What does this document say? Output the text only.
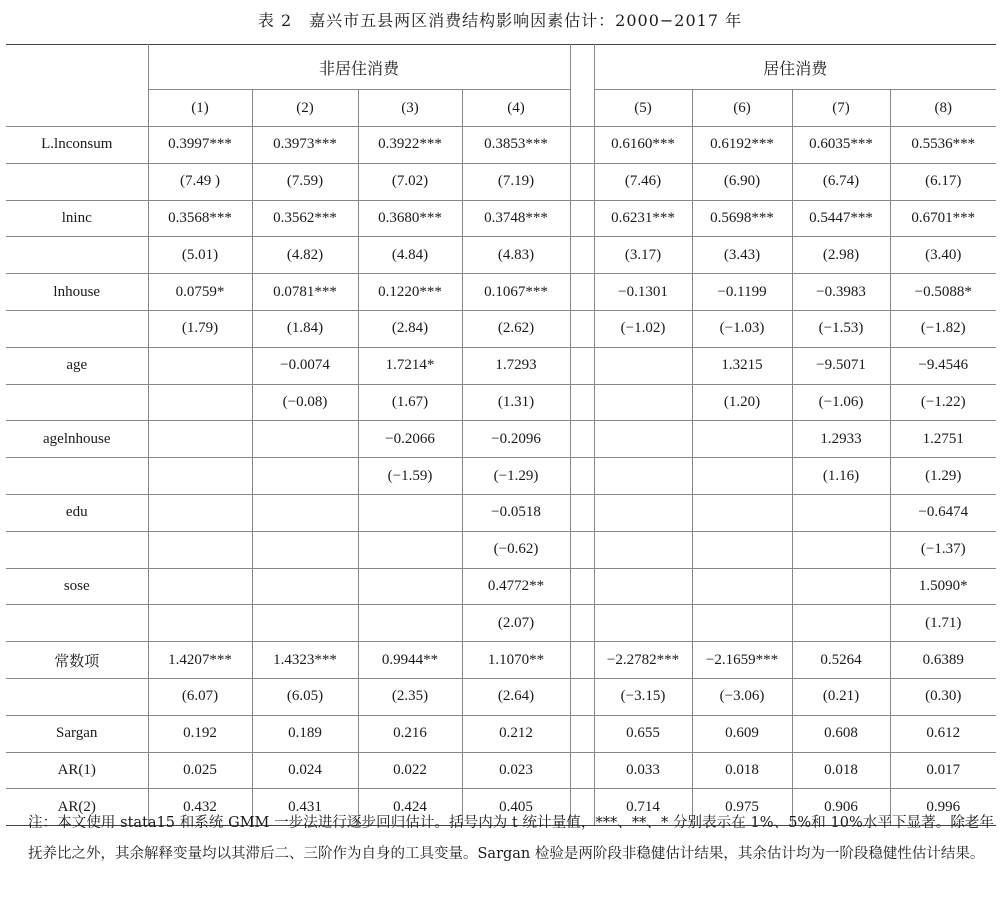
表 2　嘉兴市五县两区消费结构影响因素估计：2000−2017 年
	非居住消费					居住消费			
	(1)	(2)	(3)	(4)		(5)	(6)	(7)	(8)
L.lnconsum	0.3997***	0.3973***	0.3922***	0.3853***		0.6160***	0.6192***	0.6035***	0.5536***
	(7.49 )	(7.59)	(7.02)	(7.19)		(7.46)	(6.90)	(6.74)	(6.17)
lninc	0.3568***	0.3562***	0.3680***	0.3748***		0.6231***	0.5698***	0.5447***	0.6701***
	(5.01)	(4.82)	(4.84)	(4.83)		(3.17)	(3.43)	(2.98)	(3.40)
lnhouse	0.0759*	0.0781***	0.1220***	0.1067***		−0.1301	−0.1199	−0.3983	−0.5088*
	(1.79)	(1.84)	(2.84)	(2.62)		(−1.02)	(−1.03)	(−1.53)	(−1.82)
age		−0.0074	1.7214*	1.7293			1.3215	−9.5071	−9.4546
		(−0.08)	(1.67)	(1.31)			(1.20)	(−1.06)	(−1.22)
agelnhouse			−0.2066	−0.2096				1.2933	1.2751
			(−1.59)	(−1.29)				(1.16)	(1.29)
edu				−0.0518					−0.6474
				(−0.62)					(−1.37)
sose				0.4772**					1.5090*
				(2.07)					(1.71)
常数项	1.4207***	1.4323***	0.9944**	1.1070**		−2.2782***	−2.1659***	0.5264	0.6389
	(6.07)	(6.05)	(2.35)	(2.64)		(−3.15)	(−3.06)	(0.21)	(0.30)
Sargan	0.192	0.189	0.216	0.212		0.655	0.609	0.608	0.612
AR(1)	0.025	0.024	0.022	0.023		0.033	0.018	0.018	0.017
AR(2)	0.432	0.431	0.424	0.405		0.714	0.975	0.906	0.996
注：本文使用 stata15 和系统 GMM 一步法进行逐步回归估计。括号内为 t 统计量值，***、**、* 分别表示在 1%、5%和 10%水平下显著。除老年抚养比之外，其余解释变量均以其滞后二、三阶作为自身的工具变量。Sargan 检验是两阶段非稳健估计结果，其余估计均为一阶段稳健性估计结果。
